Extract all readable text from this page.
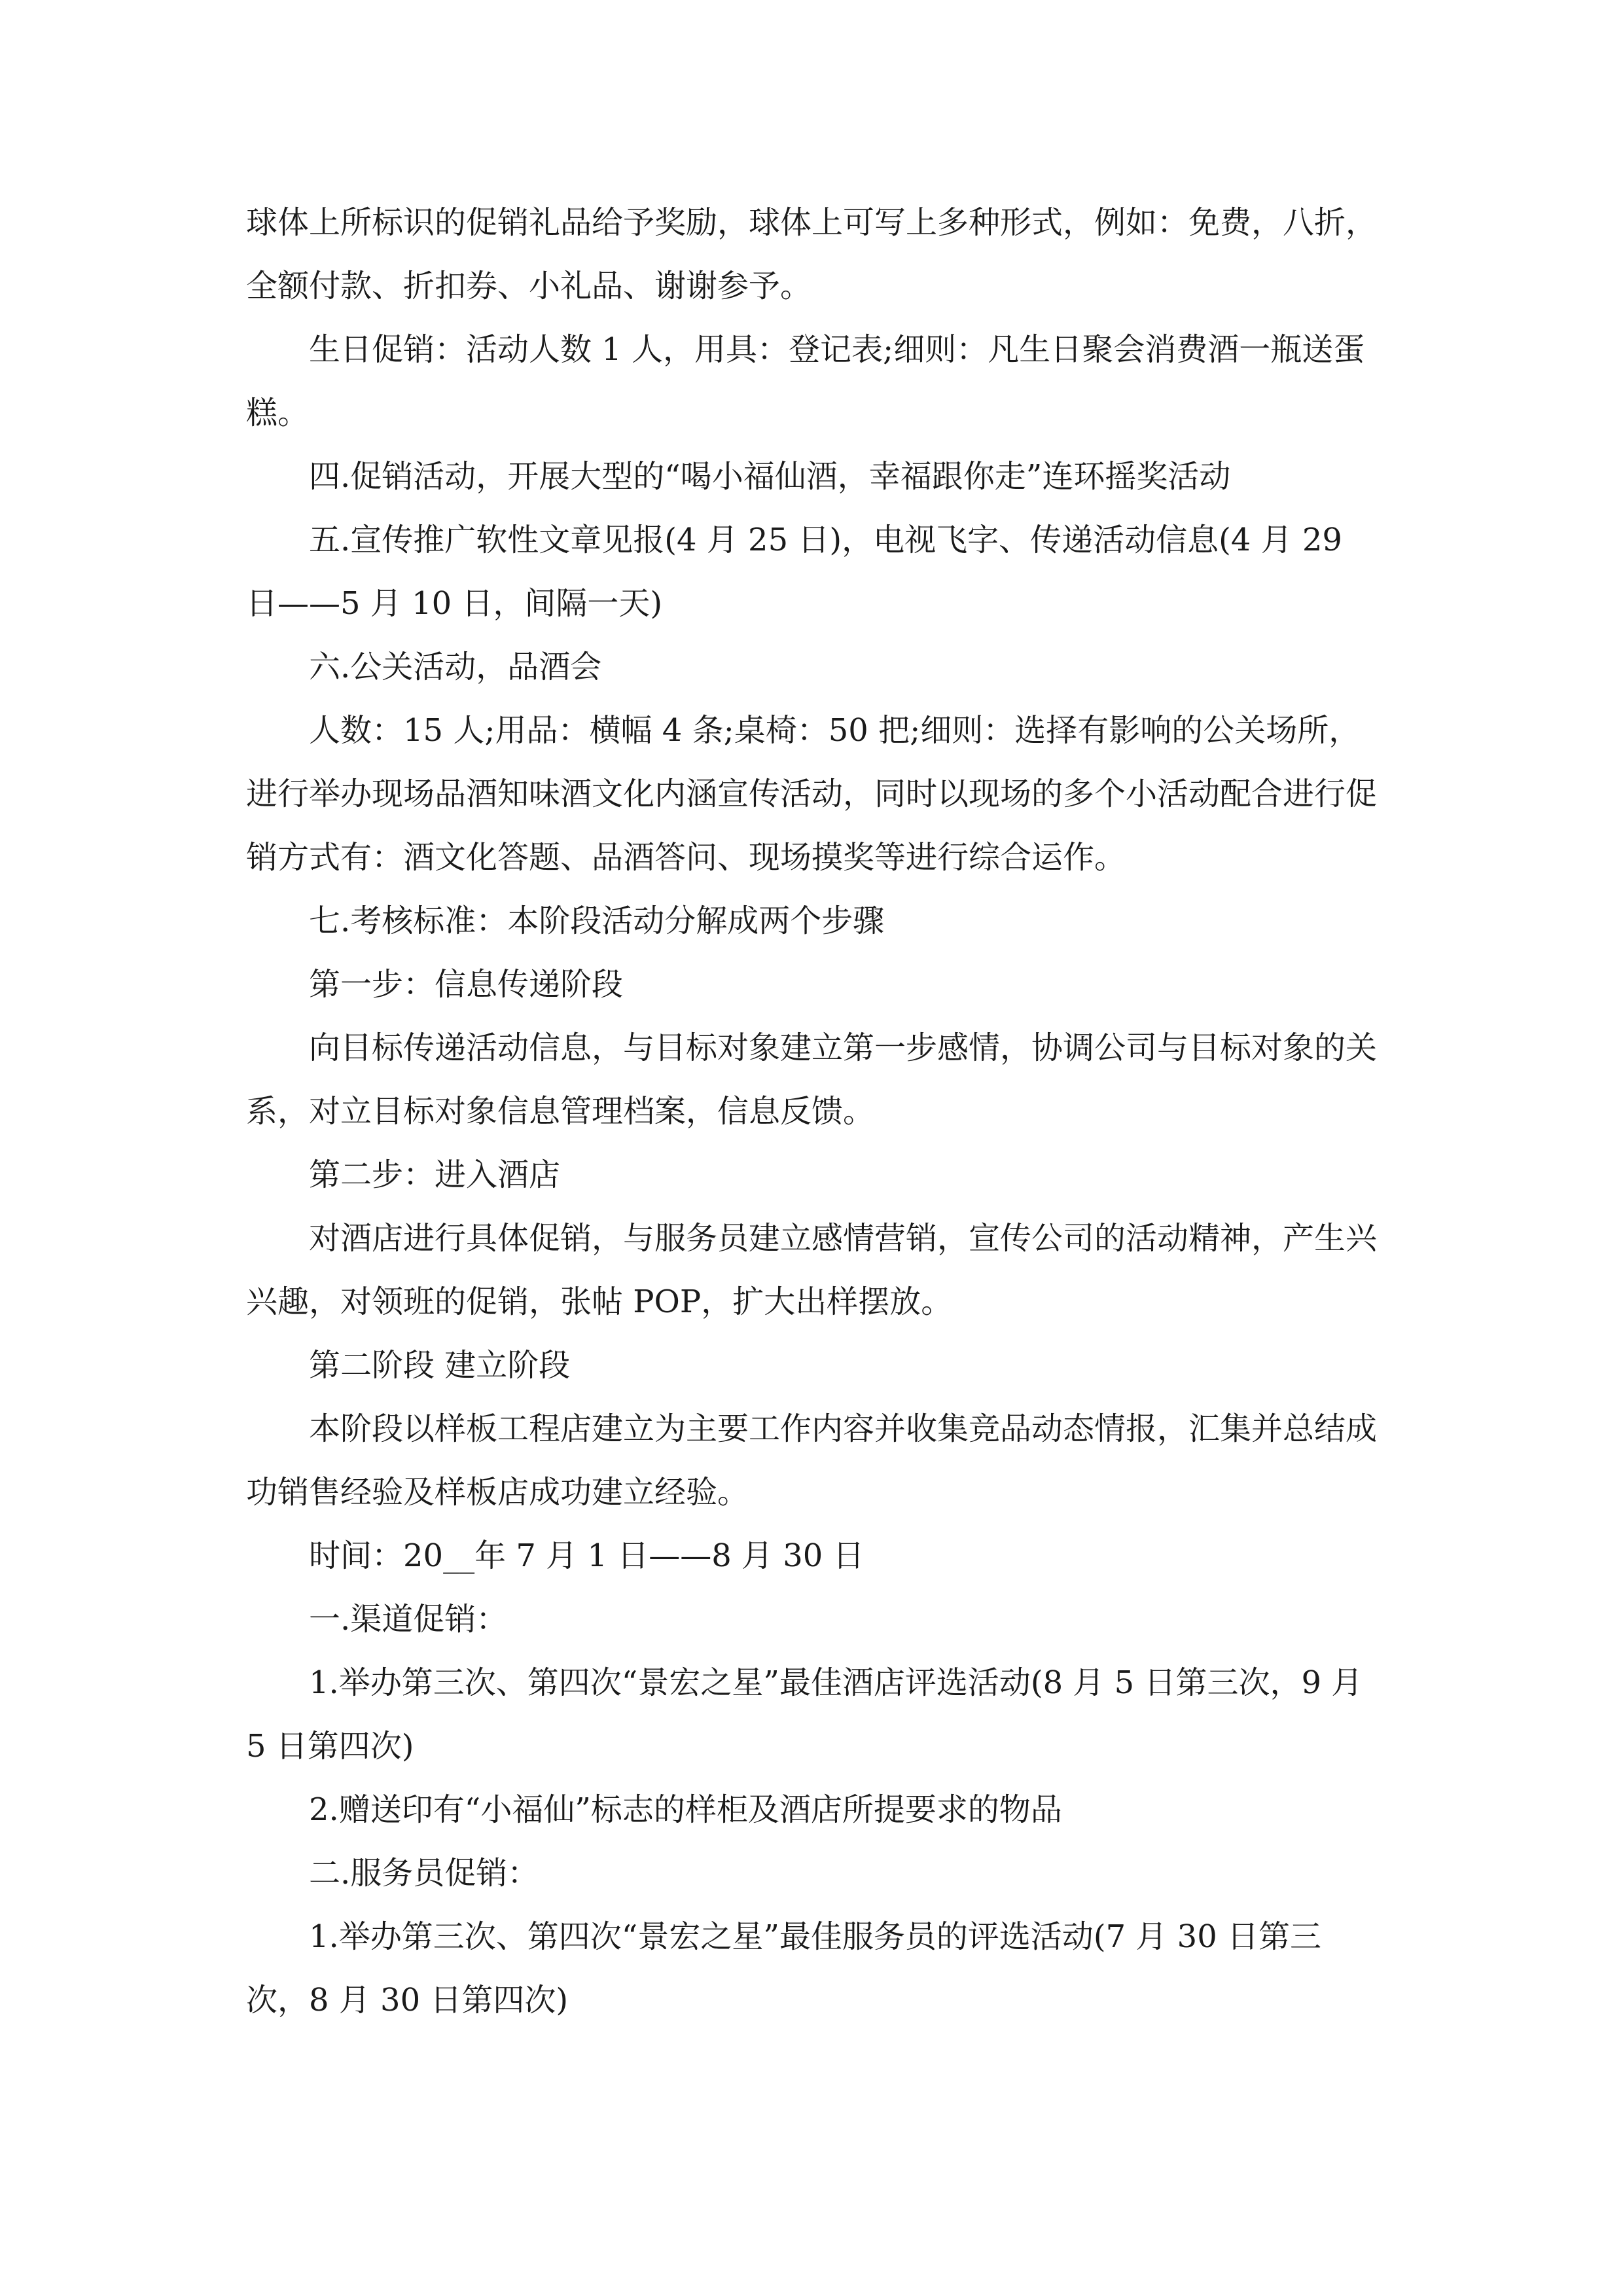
球体上所标识的促销礼品给予奖励，球体上可写上多种形式，例如：免费，八折，全额付款、折扣券、小礼品、谢谢参予。

生日促销：活动人数 1 人，用具：登记表;细则：凡生日聚会消费酒一瓶送蛋糕。

四.促销活动，开展大型的“喝小福仙酒，幸福跟你走”连环摇奖活动

五.宣传推广软性文章见报(4 月 25 日)，电视飞字、传递活动信息(4 月 29 日——5 月 10 日，间隔一天)

六.公关活动，品酒会

人数：15 人;用品：横幅 4 条;桌椅：50 把;细则：选择有影响的公关场所，进行举办现场品酒知味酒文化内涵宣传活动，同时以现场的多个小活动配合进行促销方式有：酒文化答题、品酒答问、现场摸奖等进行综合运作。

七.考核标准：本阶段活动分解成两个步骤

第一步：信息传递阶段

向目标传递活动信息，与目标对象建立第一步感情，协调公司与目标对象的关系，对立目标对象信息管理档案，信息反馈。

第二步：进入酒店

对酒店进行具体促销，与服务员建立感情营销，宣传公司的活动精神，产生兴兴趣，对领班的促销，张帖 POP，扩大出样摆放。

第二阶段 建立阶段

本阶段以样板工程店建立为主要工作内容并收集竞品动态情报，汇集并总结成功销售经验及样板店成功建立经验。

时间：20__年 7 月 1 日——8 月 30 日

一.渠道促销：

1.举办第三次、第四次“景宏之星”最佳酒店评选活动(8 月 5 日第三次，9 月 5 日第四次)

2.赠送印有“小福仙”标志的样柜及酒店所提要求的物品

二.服务员促销：

1.举办第三次、第四次“景宏之星”最佳服务员的评选活动(7 月 30 日第三次，8 月 30 日第四次)
